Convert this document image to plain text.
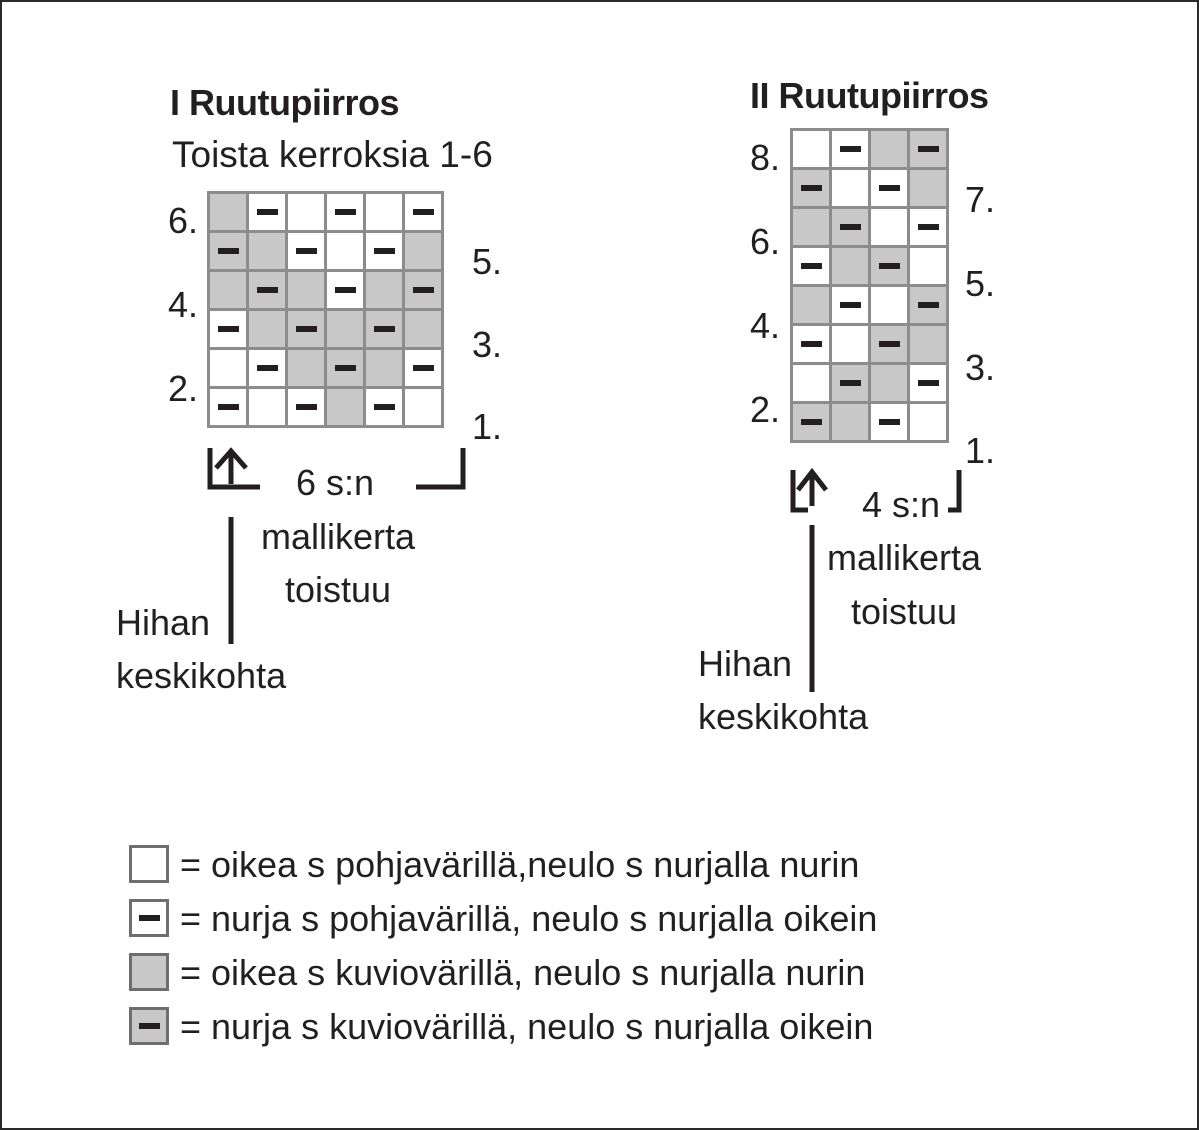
I Ruutupiirros
Toista kerroksia 1-6

6.
4.
2.
5.
3.
1.
6 s:n
mallikerta
toistuu
Hihan
keskikohta
II Ruutupiirros

8.
6.
4.
2.
7.
5.
3.
1.
4 s:n
mallikerta
toistuu
Hihan
keskikohta
= oikea s pohjavärillä,neulo s nurjalla nurin
= nurja s pohjavärillä, neulo s nurjalla oikein
= oikea s kuviovärillä, neulo s nurjalla nurin
= nurja s kuviovärillä, neulo s nurjalla oikein
